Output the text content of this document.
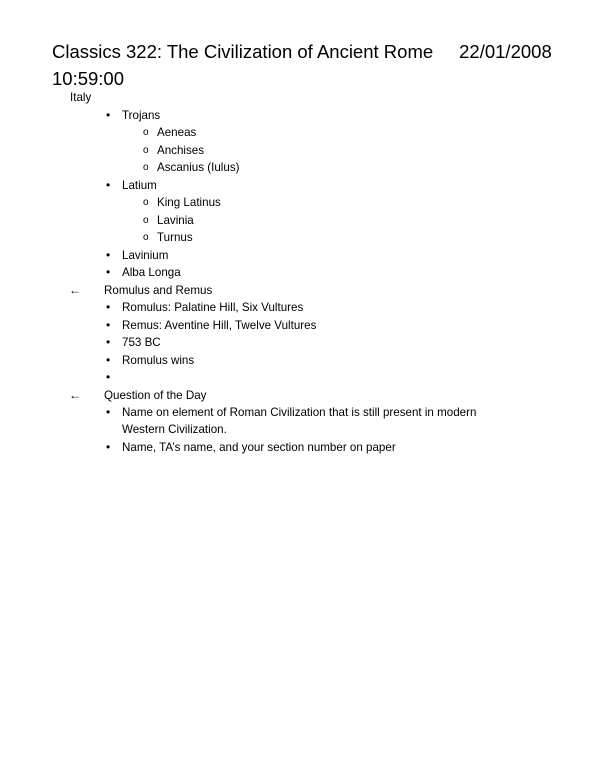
Classics 322: The Civilization of Ancient Rome 22/01/2008
10:59:00
Italy
• Trojans
o Aeneas
o Anchises
o Ascanius (Iulus)
• Latium
o King Latinus
o Lavinia
o Turnus
• Lavinium
• Alba Longa
← Romulus and Remus
• Romulus: Palatine Hill, Six Vultures
• Remus: Aventine Hill, Twelve Vultures
• 753 BC
• Romulus wins
•
← Question of the Day
• Name on element of Roman Civilization that is still present in modern Western Civilization.
• Name, TA’s name, and your section number on paper
